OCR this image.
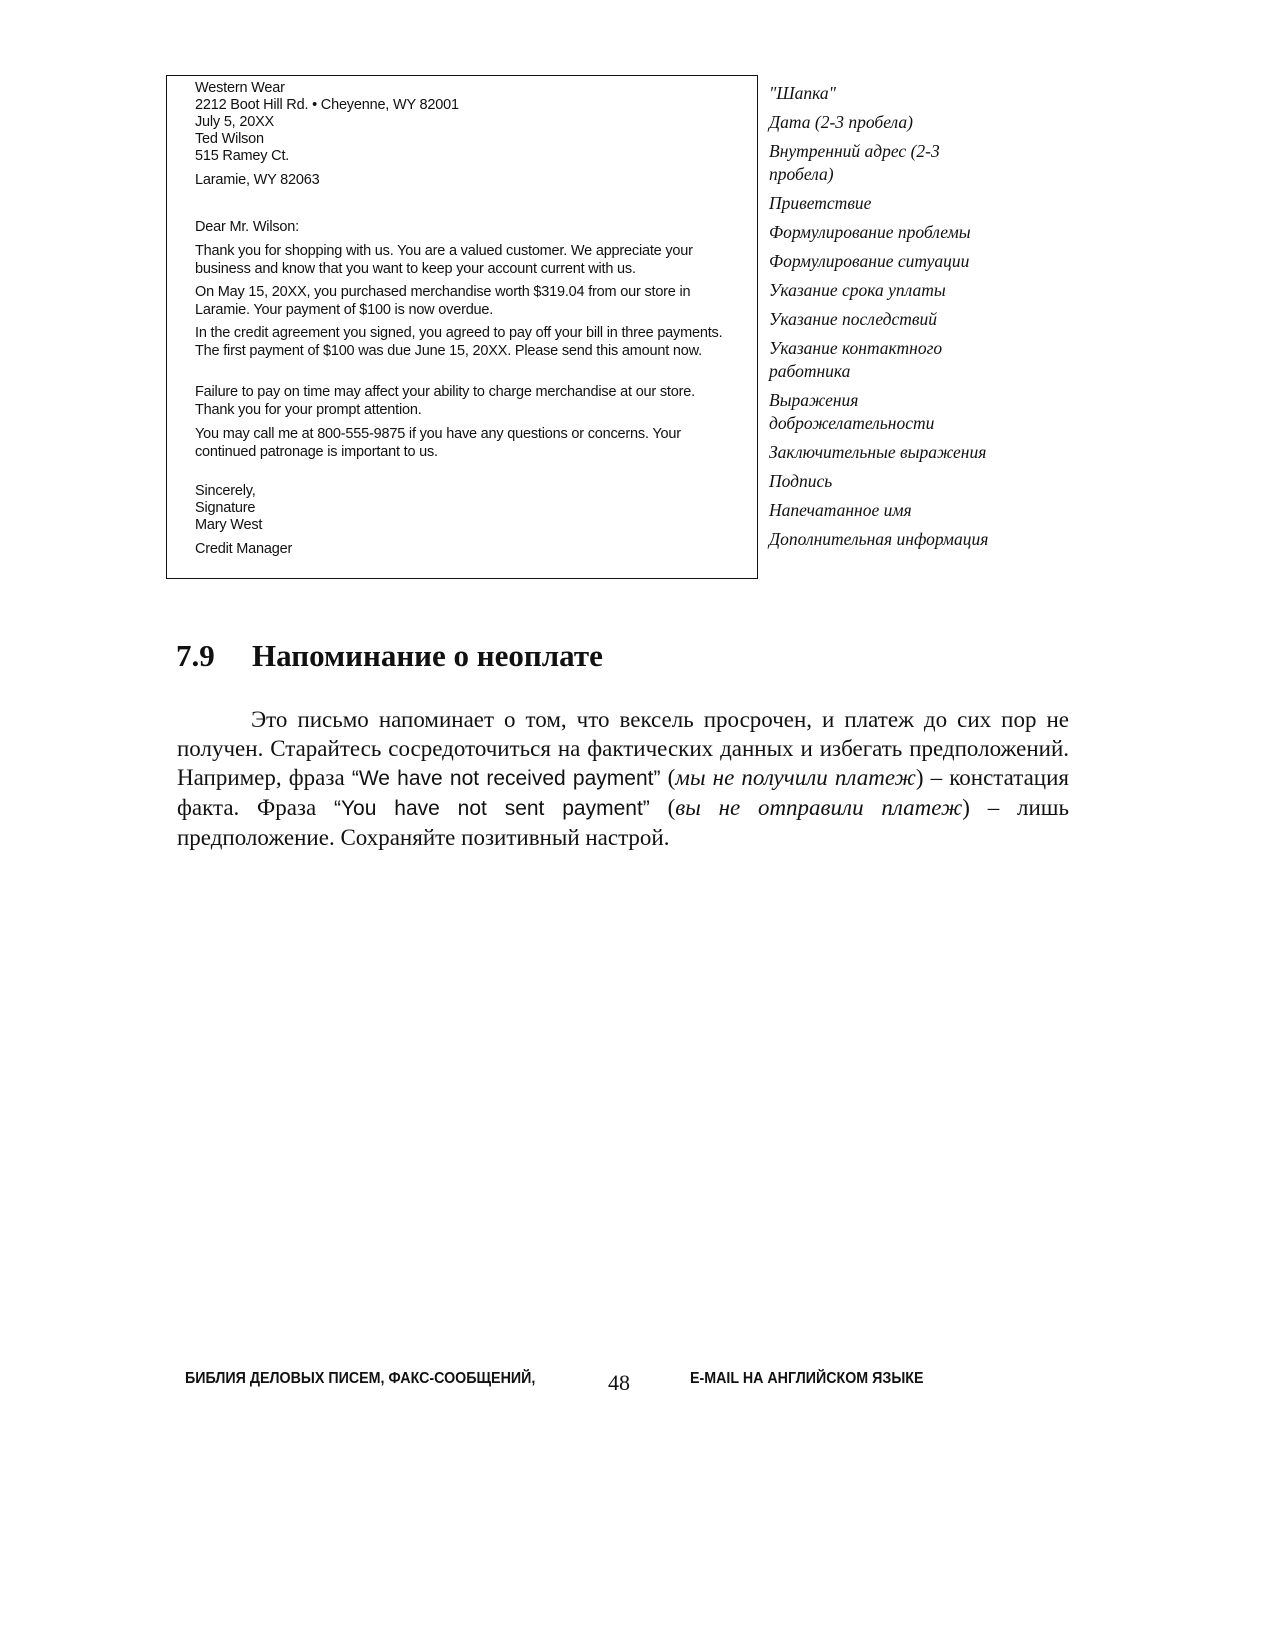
Western Wear
2212 Boot Hill Rd. • Cheyenne, WY 82001
July 5, 20XX
Ted Wilson
515 Ramey Ct.
Laramie, WY 82063
Dear Mr. Wilson:
Thank you for shopping with us. You are a valued customer. We appreciate your business and know that you want to keep your account current with us.
On May 15, 20XX, you purchased merchandise worth $319.04 from our store in Laramie. Your payment of $100 is now overdue.
In the credit agreement you signed, you agreed to pay off your bill in three payments. The first payment of $100 was due June 15, 20XX. Please send this amount now.
Failure to pay on time may affect your ability to charge merchandise at our store. Thank you for your prompt attention.
You may call me at 800-555-9875 if you have any questions or concerns. Your continued patronage is important to us.
Sincerely,
Signature
Mary West
Credit Manager
"Шапка"
Дата (2-3 пробела)
Внутренний адрес (2-3 пробела)
Приветствие
Формулирование проблемы
Формулирование ситуации
Указание срока уплаты
Указание последствий
Указание контактного работника
Выражения доброжелательности
Заключительные выражения
Подпись
Напечатанное имя
Дополнительная информация
7.9 Напоминание о неоплате

Это письмо напоминает о том, что вексель просрочен, и платеж до сих пор не получен. Старайтесь сосредоточиться на фактических данных и избегать предположений. Например, фраза “We have not received payment” (мы не получили платеж) – констатация факта. Фраза “You have not sent payment” (вы не отправили платеж) – лишь предположение. Сохраняйте позитивный настрой.

БИБЛИЯ ДЕЛОВЫХ ПИСЕМ, ФАКС-СООБЩЕНИЙ,	48	E-MAIL НА АНГЛИЙСКОМ ЯЗЫКЕ
